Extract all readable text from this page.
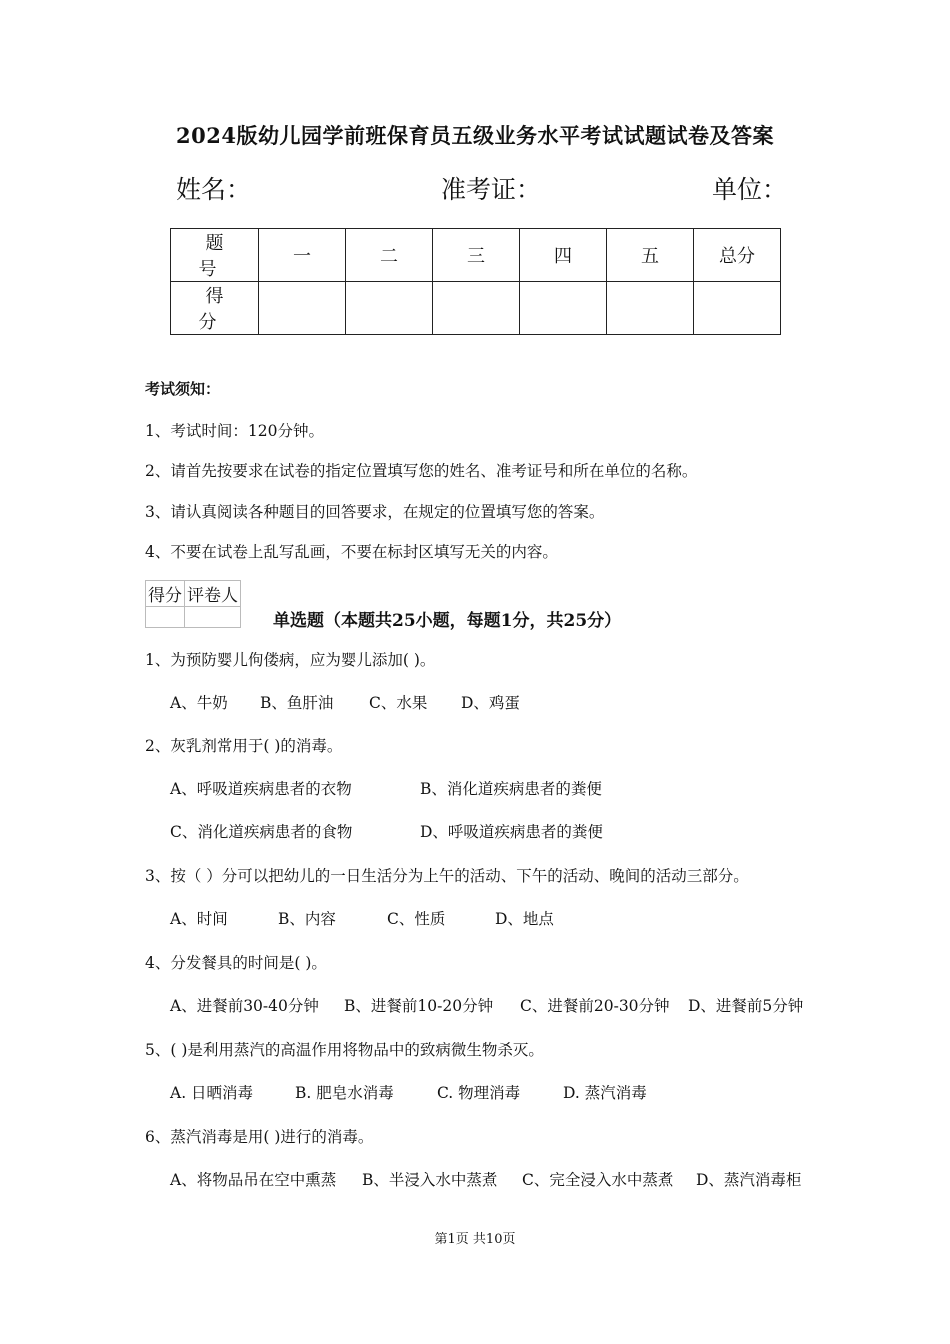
2024版幼儿园学前班保育员五级业务水平考试试题试卷及答案
姓名：	准考证：	单位：
题 号	一	二	三	四	五	总分
得 分						
考试须知：
1、考试时间：120分钟。
2、请首先按要求在试卷的指定位置填写您的姓名、准考证号和所在单位的名称。
3、请认真阅读各种题目的回答要求，在规定的位置填写您的答案。
4、不要在试卷上乱写乱画，不要在标封区填写无关的内容。
得分	评卷人

单选题（本题共25小题，每题1分，共25分）
1、为预防婴儿佝偻病，应为婴儿添加( )。
A、牛奶 B、鱼肝油 C、水果 D、鸡蛋
2、灰乳剂常用于( )的消毒。
A、呼吸道疾病患者的衣物	B、消化道疾病患者的粪便
C、消化道疾病患者的食物	D、呼吸道疾病患者的粪便
3、按（ ）分可以把幼儿的一日生活分为上午的活动、下午的活动、晚间的活动三部分。
A、时间	B、内容	C、性质	D、地点
4、分发餐具的时间是( )。
A、进餐前30-40分钟 B、进餐前10-20分钟 C、进餐前20-30分钟 D、进餐前5分钟
5、( )是利用蒸汽的高温作用将物品中的致病微生物杀灭。
A. 日晒消毒	B. 肥皂水消毒	C. 物理消毒	D. 蒸汽消毒
6、蒸汽消毒是用( )进行的消毒。
A、将物品吊在空中熏蒸 B、半浸入水中蒸煮 C、完全浸入水中蒸煮 D、蒸汽消毒柜
第1页 共10页
